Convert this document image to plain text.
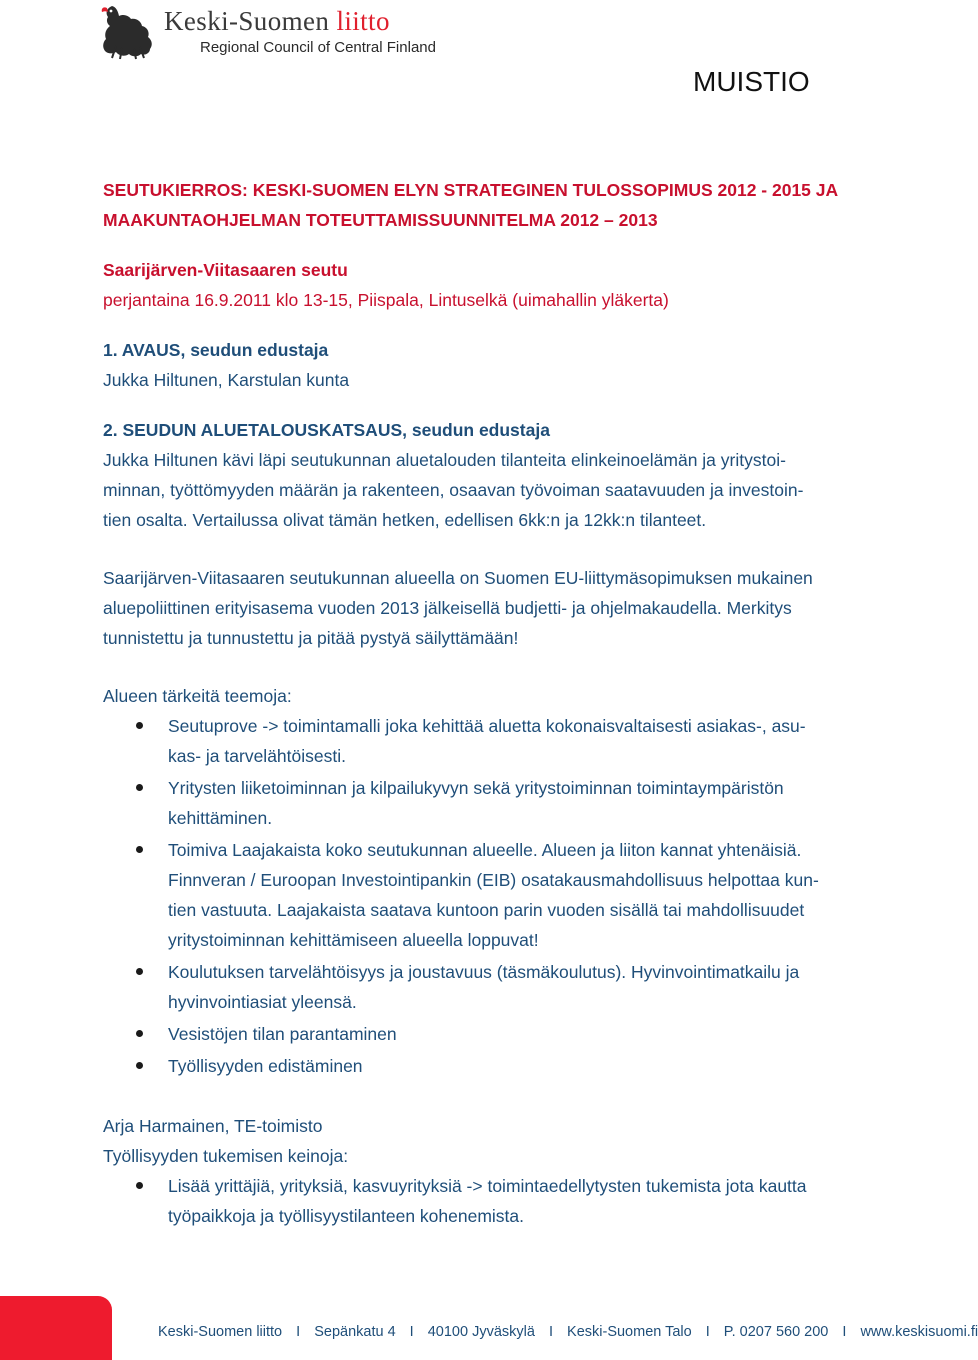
Keski-Suomen liitto
Regional Council of Central Finland
MUISTIO

SEUTUKIERROS: KESKI-SUOMEN ELYN STRATEGINEN TULOSSOPIMUS 2012 - 2015 JA

MAAKUNTAOHJELMAN TOTEUTTAMISSUUNNITELMA 2012 – 2013

Saarijärven-Viitasaaren seutu

perjantaina 16.9.2011 klo 13-15, Piispala, Lintuselkä (uimahallin yläkerta)

1. AVAUS, seudun edustaja

Jukka Hiltunen, Karstulan kunta

2. SEUDUN ALUETALOUSKATSAUS, seudun edustaja

Jukka Hiltunen kävi läpi seutukunnan aluetalouden tilanteita elinkeinoelämän ja yritystoi-

minnan, työttömyyden määrän ja rakenteen, osaavan työvoiman saatavuuden ja investoin-

tien osalta. Vertailussa olivat tämän hetken, edellisen 6kk:n ja 12kk:n tilanteet.

Saarijärven-Viitasaaren seutukunnan alueella on Suomen EU-liittymäsopimuksen mukainen

aluepoliittinen erityisasema vuoden 2013 jälkeisellä budjetti- ja ohjelmakaudella. Merkitys

tunnistettu ja tunnustettu ja pitää pystyä säilyttämään!

Alueen tärkeitä teemoja:

Seutuprove -> toimintamalli joka kehittää aluetta kokonaisvaltaisesti asiakas-, asu-
kas- ja tarvelähtöisesti.
Yritysten liiketoiminnan ja kilpailukyvyn sekä yritystoiminnan toimintaympäristön
kehittäminen.
Toimiva Laajakaista koko seutukunnan alueelle. Alueen ja liiton kannat yhtenäisiä.
Finnveran / Euroopan Investointipankin (EIB) osatakausmahdollisuus helpottaa kun-
tien vastuuta. Laajakaista saatava kuntoon parin vuoden sisällä tai mahdollisuudet
yritystoiminnan kehittämiseen alueella loppuvat!
Koulutuksen tarvelähtöisyys ja joustavuus (täsmäkoulutus). Hyvinvointimatkailu ja
hyvinvointiasiat yleensä.
Vesistöjen tilan parantaminen
Työllisyyden edistäminen

Arja Harmainen, TE-toimisto

Työllisyyden tukemisen keinoja:

Lisää yrittäjiä, yrityksiä, kasvuyrityksiä -> toimintaedellytysten tukemista jota kautta
työpaikkoja ja työllisyystilanteen kohenemista.
Keski-Suomen liitto I Sepänkatu 4 I 40100 Jyväskylä I Keski-Suomen Talo I P. 0207 560 200 I www.keskisuomi.fi
